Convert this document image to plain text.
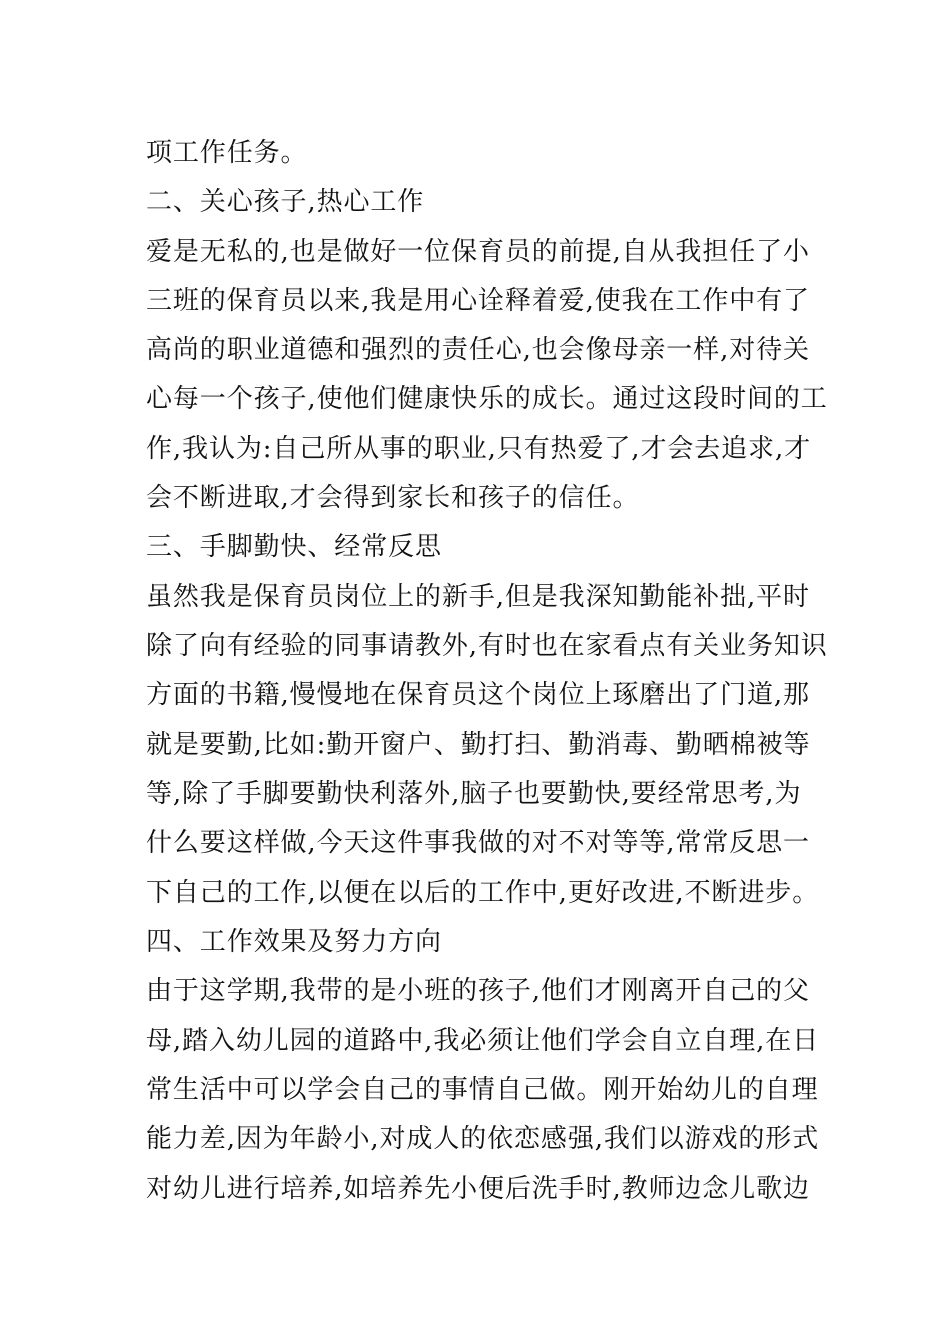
项工作任务。
二、关心孩子,热心工作
爱是无私的,也是做好一位保育员的前提,自从我担任了小
三班的保育员以来,我是用心诠释着爱,使我在工作中有了
高尚的职业道德和强烈的责任心,也会像母亲一样,对待关
心每一个孩子,使他们健康快乐的成长。通过这段时间的工
作,我认为:自己所从事的职业,只有热爱了,才会去追求,才
会不断进取,才会得到家长和孩子的信任。
三、手脚勤快、经常反思
虽然我是保育员岗位上的新手,但是我深知勤能补拙,平时
除了向有经验的同事请教外,有时也在家看点有关业务知识
方面的书籍,慢慢地在保育员这个岗位上琢磨出了门道,那
就是要勤,比如:勤开窗户、勤打扫、勤消毒、勤晒棉被等
等,除了手脚要勤快利落外,脑子也要勤快,要经常思考,为
什么要这样做,今天这件事我做的对不对等等,常常反思一
下自己的工作,以便在以后的工作中,更好改进,不断进步。
四、工作效果及努力方向
由于这学期,我带的是小班的孩子,他们才刚离开自己的父
母,踏入幼儿园的道路中,我必须让他们学会自立自理,在日
常生活中可以学会自己的事情自己做。刚开始幼儿的自理
能力差,因为年龄小,对成人的依恋感强,我们以游戏的形式
对幼儿进行培养,如培养先小便后洗手时,教师边念儿歌边
